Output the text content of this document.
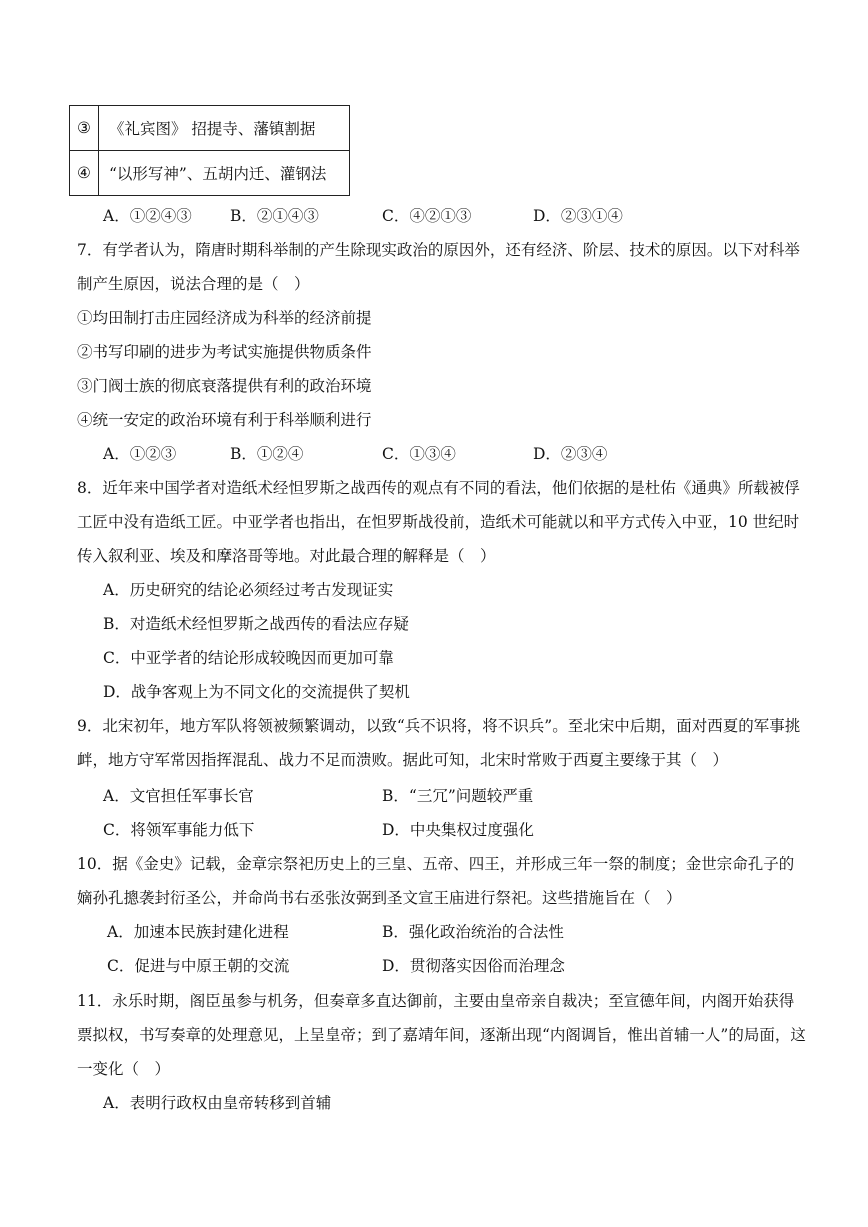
③	《礼宾图》 招提寺、藩镇割据
④	“以形写神”、五胡内迁、灌钢法
A．①②④③ B．②①④③	C．④②①③	D．②③①④
7．有学者认为，隋唐时期科举制的产生除现实政治的原因外，还有经济、阶层、技术的原因。以下对科举
制产生原因，说法合理的是（　）
①均田制打击庄园经济成为科举的经济前提
②书写印刷的进步为考试实施提供物质条件
③门阀士族的彻底衰落提供有利的政治环境
④统一安定的政治环境有利于科举顺利进行
A．①②③	B．①②④	C．①③④	D．②③④
8．近年来中国学者对造纸术经怛罗斯之战西传的观点有不同的看法，他们依据的是杜佑《通典》所载被俘
工匠中没有造纸工匠。中亚学者也指出，在怛罗斯战役前，造纸术可能就以和平方式传入中亚，10 世纪时
传入叙利亚、埃及和摩洛哥等地。对此最合理的解释是（　）
A．历史研究的结论必须经过考古发现证实
B．对造纸术经怛罗斯之战西传的看法应存疑
C．中亚学者的结论形成较晚因而更加可靠
D．战争客观上为不同文化的交流提供了契机
9．北宋初年，地方军队将领被频繁调动，以致“兵不识将，将不识兵”。至北宋中后期，面对西夏的军事挑
衅，地方守军常因指挥混乱、战力不足而溃败。据此可知，北宋时常败于西夏主要缘于其（　）
A．文官担任军事长官	B．“三冗”问题较严重
C．将领军事能力低下	D．中央集权过度强化
10．据《金史》记载，金章宗祭祀历史上的三皇、五帝、四王，并形成三年一祭的制度；金世宗命孔子的
嫡孙孔摠袭封衍圣公，并命尚书右丞张汝弼到圣文宣王庙进行祭祀。这些措施旨在（　）
A．加速本民族封建化进程	B．强化政治统治的合法性
C．促进与中原王朝的交流	D．贯彻落实因俗而治理念
11．永乐时期，阁臣虽参与机务，但奏章多直达御前，主要由皇帝亲自裁决；至宣德年间，内阁开始获得
票拟权，书写奏章的处理意见，上呈皇帝；到了嘉靖年间，逐渐出现“内阁调旨，惟出首辅一人”的局面，这
一变化（　）
A．表明行政权由皇帝转移到首辅
